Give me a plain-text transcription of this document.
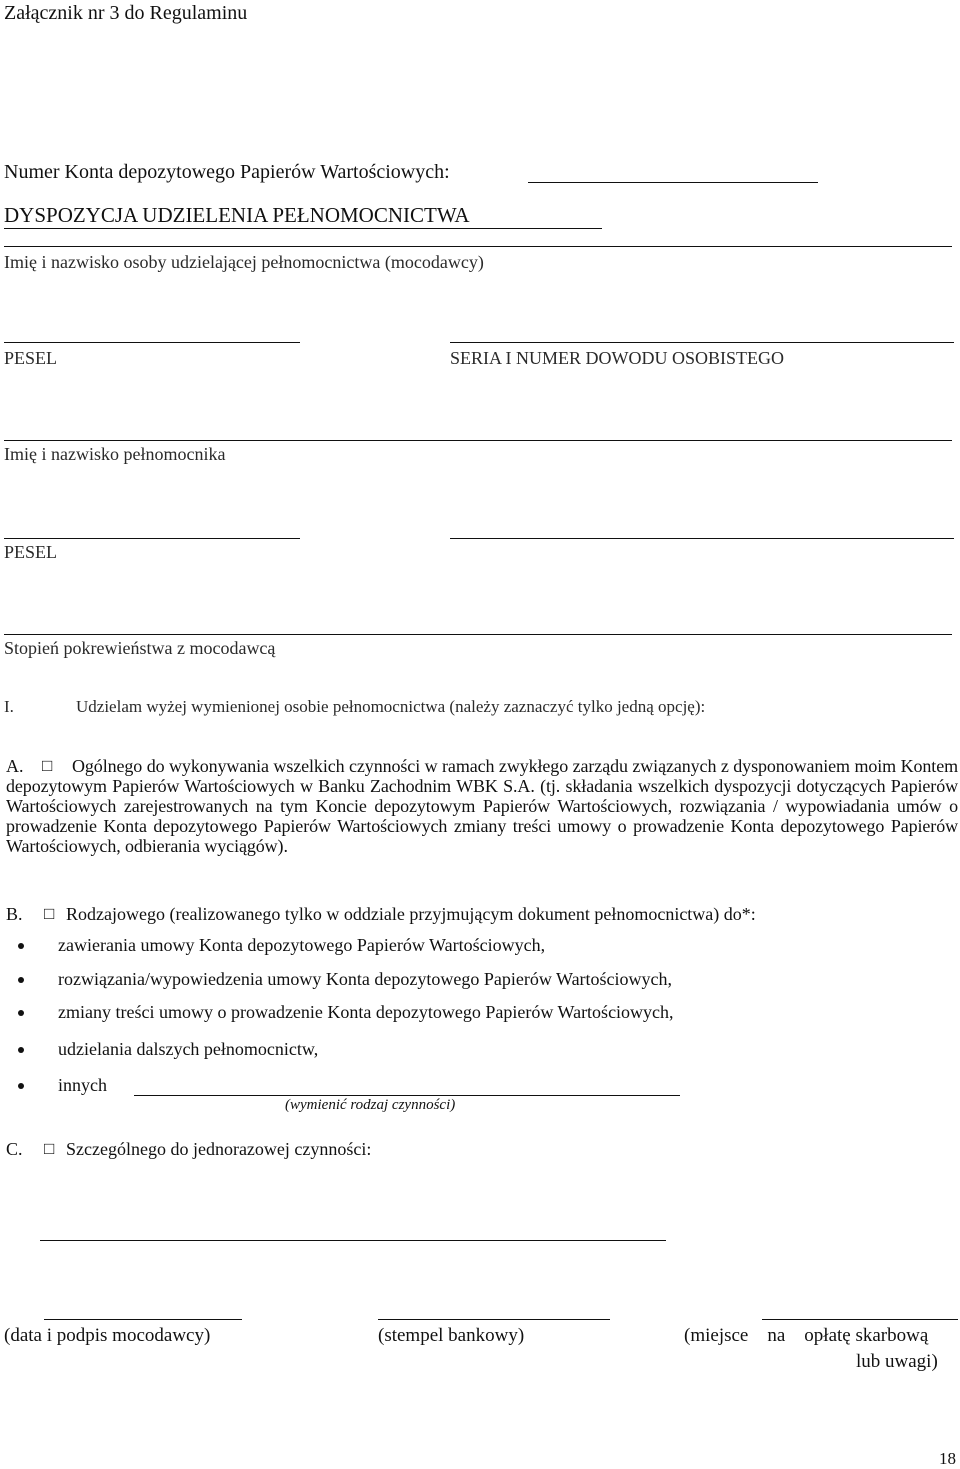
Załącznik nr 3 do Regulaminu
Numer Konta depozytowego Papierów Wartościowych:
DYSPOZYCJA UDZIELENIA PEŁNOMOCNICTWA
Imię i nazwisko osoby udzielającej pełnomocnictwa (mocodawcy)
PESEL	SERIA I NUMER DOWODU OSOBISTEGO
Imię i nazwisko pełnomocnika
PESEL
Stopień pokrewieństwa z mocodawcą
I.	Udzielam wyżej wymienionej osobie pełnomocnictwa (należy zaznaczyć tylko jedną opcję):
A. □	Ogólnego do wykonywania wszelkich czynności w ramach zwykłego zarządu związanych z dysponowaniem moim Kontem depozytowym Papierów Wartościowych w Banku Zachodnim WBK S.A. (tj. składania wszelkich dyspozycji dotyczących Papierów Wartościowych zarejestrowanych na tym Koncie depozytowym Papierów Wartościowych, rozwiązania / wypowiadania umów o prowadzenie Konta depozytowego Papierów Wartościowych zmiany treści umowy o prowadzenie Konta depozytowego Papierów Wartościowych, odbierania wyciągów).
B. □ Rodzajowego (realizowanego tylko w oddziale przyjmującym dokument pełnomocnictwa) do*:
zawierania umowy Konta depozytowego Papierów Wartościowych,
rozwiązania/wypowiedzenia umowy Konta depozytowego Papierów Wartościowych,
zmiany treści umowy o prowadzenie Konta depozytowego Papierów Wartościowych,
udzielania dalszych pełnomocnictw,
innych
(wymienić rodzaj czynności)
C. □ Szczególnego do jednorazowej czynności:
(data i podpis mocodawcy)	(stempel bankowy)	(miejsce    na    opłatę skarbową
lub uwagi)
18
